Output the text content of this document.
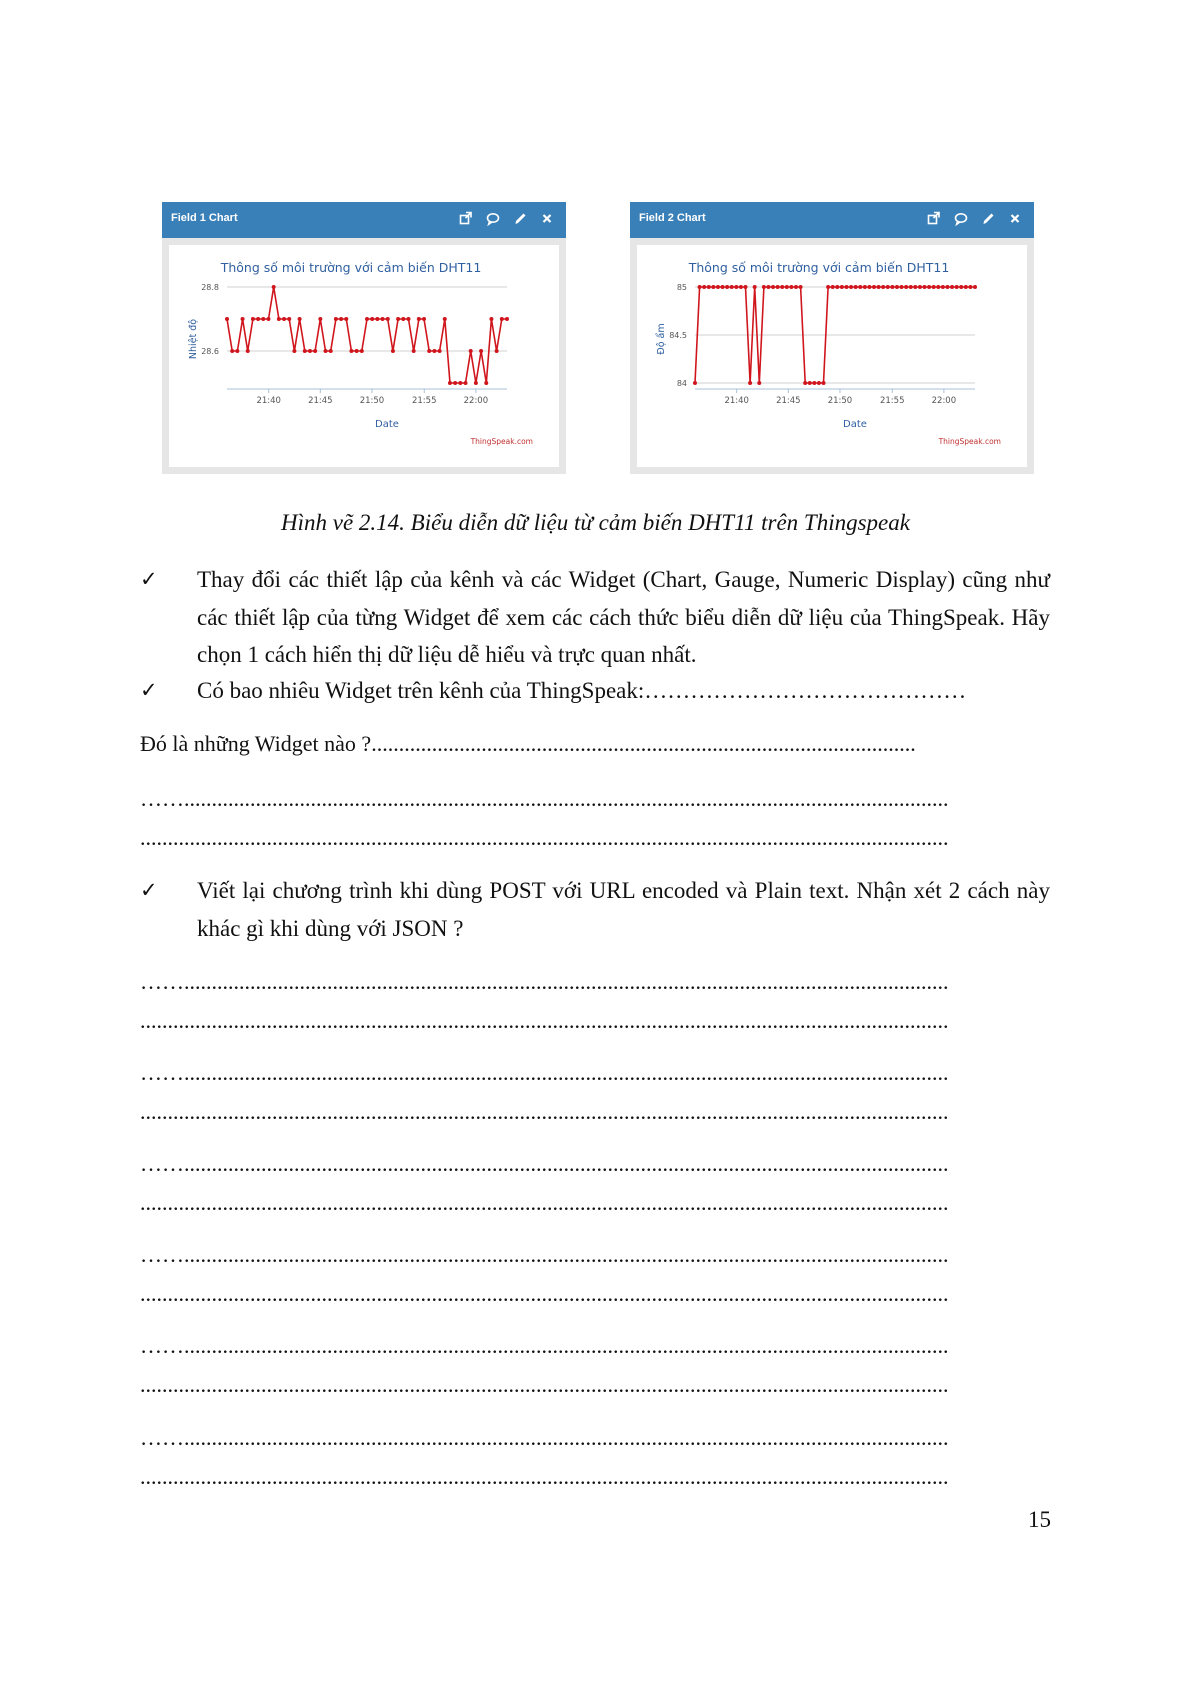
Field 1 Chart
Thông số môi trường với cảm biến DHT11
Nhiệt độ
Date
ThingSpeak.com
28.8
28.6
21:40	21:45	21:50	21:55	22:00
Field 2 Chart
Thông số môi trường với cảm biến DHT11
Độ ẩm
Date
ThingSpeak.com
85
84.5
84
21:40	21:45	21:50	21:55	22:00
Hình vẽ 2.14. Biểu diễn dữ liệu từ cảm biến DHT11 trên Thingspeak
✓ Thay đổi các thiết lập của kênh và các Widget (Chart, Gauge, Numeric Display) cũng như các thiết lập của từng Widget để xem các cách thức biểu diễn dữ liệu của ThingSpeak. Hãy chọn 1 cách hiển thị dữ liệu dễ hiểu và trực quan nhất.
✓ Có bao nhiêu Widget trên kênh của ThingSpeak:……………………………………
Đó là những Widget nào ?...................................................................................................
……...........................................................................................................................................
...................................................................................................................................................
✓ Viết lại chương trình khi dùng POST với URL encoded và Plain text. Nhận xét 2 cách này khác gì khi dùng với JSON ?
……...........................................................................................................................................
...................................................................................................................................................
……...........................................................................................................................................
...................................................................................................................................................
……...........................................................................................................................................
...................................................................................................................................................
……...........................................................................................................................................
...................................................................................................................................................
……...........................................................................................................................................
...................................................................................................................................................
……...........................................................................................................................................
...................................................................................................................................................
15
